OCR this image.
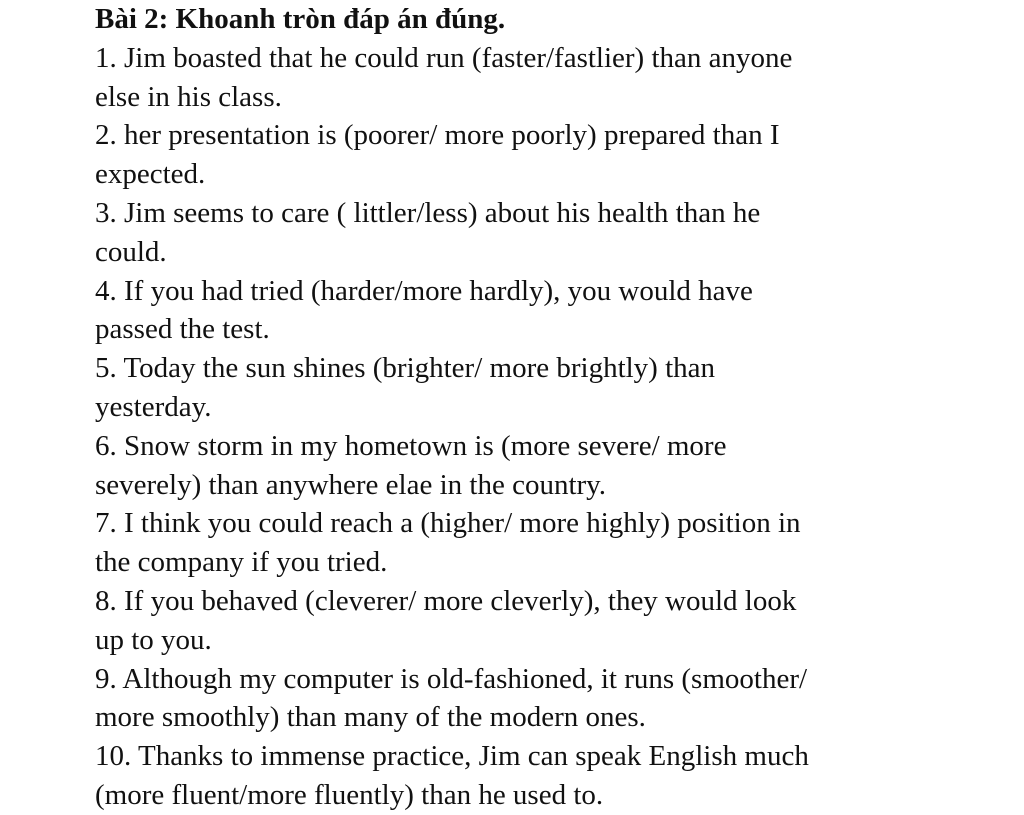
Bài 2: Khoanh tròn đáp án đúng.
1. Jim boasted that he could run (faster/fastlier) than anyone
else in his class.
2. her presentation is (poorer/ more poorly) prepared than I
expected.
3. Jim seems to care ( littler/less) about his health than he
could.
4. If you had tried (harder/more hardly), you would have
passed the test.
5. Today the sun shines (brighter/ more brightly) than
yesterday.
6. Snow storm in my hometown is (more severe/ more
severely) than anywhere elae in the country.
7. I think you could reach a (higher/ more highly) position in
the company if you tried.
8. If you behaved (cleverer/ more cleverly), they would look
up to you.
9. Although my computer is old-fashioned, it runs (smoother/
more smoothly) than many of the modern ones.
10. Thanks to immense practice, Jim can speak English much
(more fluent/more fluently) than he used to.
